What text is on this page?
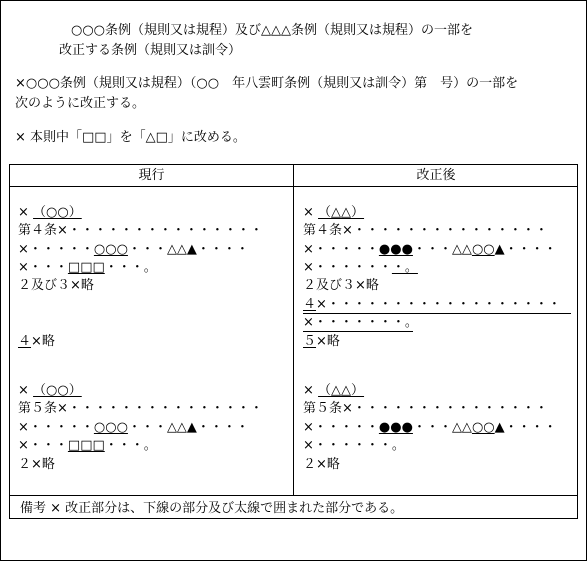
○○○条例（規則又は規程）及び△△△条例（規則又は規程）の一部を
改正する条例（規則又は訓令）
×○○○条例（規則又は規程）（○○　年八雲町条例（規則又は訓令）第　号）の一部を
次のように改正する。
× 本則中「□□」を「△□」に改める。
現行	改正後
× （○○）
第４条×・・・・・・・・・・・・・・・
×・・・・・○○○・・・△△▲・・・・
×・・・□□□・・・。
２及び３×略
４×略
× （○○）
第５条×・・・・・・・・・・・・・・・
×・・・・・○○○・・・△△▲・・・・
×・・・□□□・・・。
２×略
× （△△）
第４条×・・・・・・・・・・・・・・・
×・・・・・●●●・・・△△○○▲・・・・
×・・・・・・・。
２及び３×略
４×・・・・・・・・・・・・・・・・・・
×・・・・・・・。
５×略
× （△△）
第５条×・・・・・・・・・・・・・・・
×・・・・・●●●・・・△△○○▲・・・・
×・・・・・・。
２×略
備考 × 改正部分は、下線の部分及び太線で囲まれた部分である。
